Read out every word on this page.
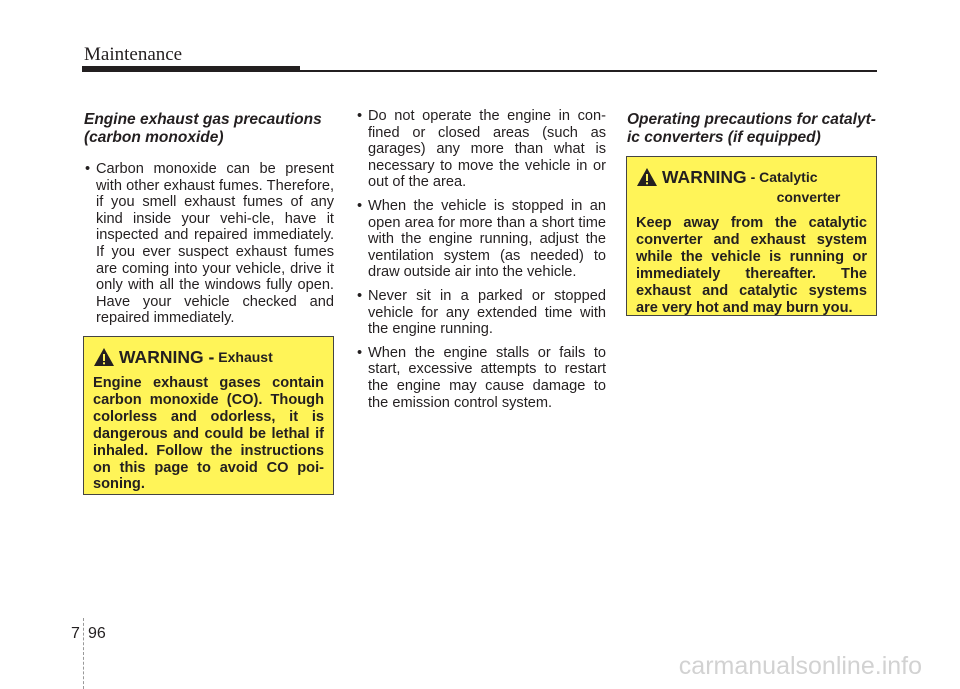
Maintenance
Engine exhaust gas precautions (carbon monoxide)
• Carbon monoxide can be present with other exhaust fumes. Therefore, if you smell exhaust fumes of any kind inside your vehi-cle, have it inspected and repaired immediately. If you ever suspect exhaust fumes are coming into your vehicle, drive it only with all the windows fully open. Have your vehicle checked and repaired immediately.
WARNING - Exhaust
Engine exhaust gases contain carbon monoxide (CO). Though colorless and odorless, it is dangerous and could be lethal if inhaled. Follow the instructions on this page to avoid CO poi-soning.
• Do not operate the engine in con-fined or closed areas (such as garages) any more than what is necessary to move the vehicle in or out of the area.
• When the vehicle is stopped in an open area for more than a short time with the engine running, adjust the ventilation system (as needed) to draw outside air into the vehicle.
• Never sit in a parked or stopped vehicle for any extended time with the engine running.
• When the engine stalls or fails to start, excessive attempts to restart the engine may cause damage to the emission control system.
Operating precautions for catalyt-ic converters (if equipped)
WARNING - Catalytic
converter
Keep away from the catalytic converter and exhaust system while the vehicle is running or immediately thereafter. The exhaust and catalytic systems are very hot and may burn you.
7 96
carmanualsonline.info
